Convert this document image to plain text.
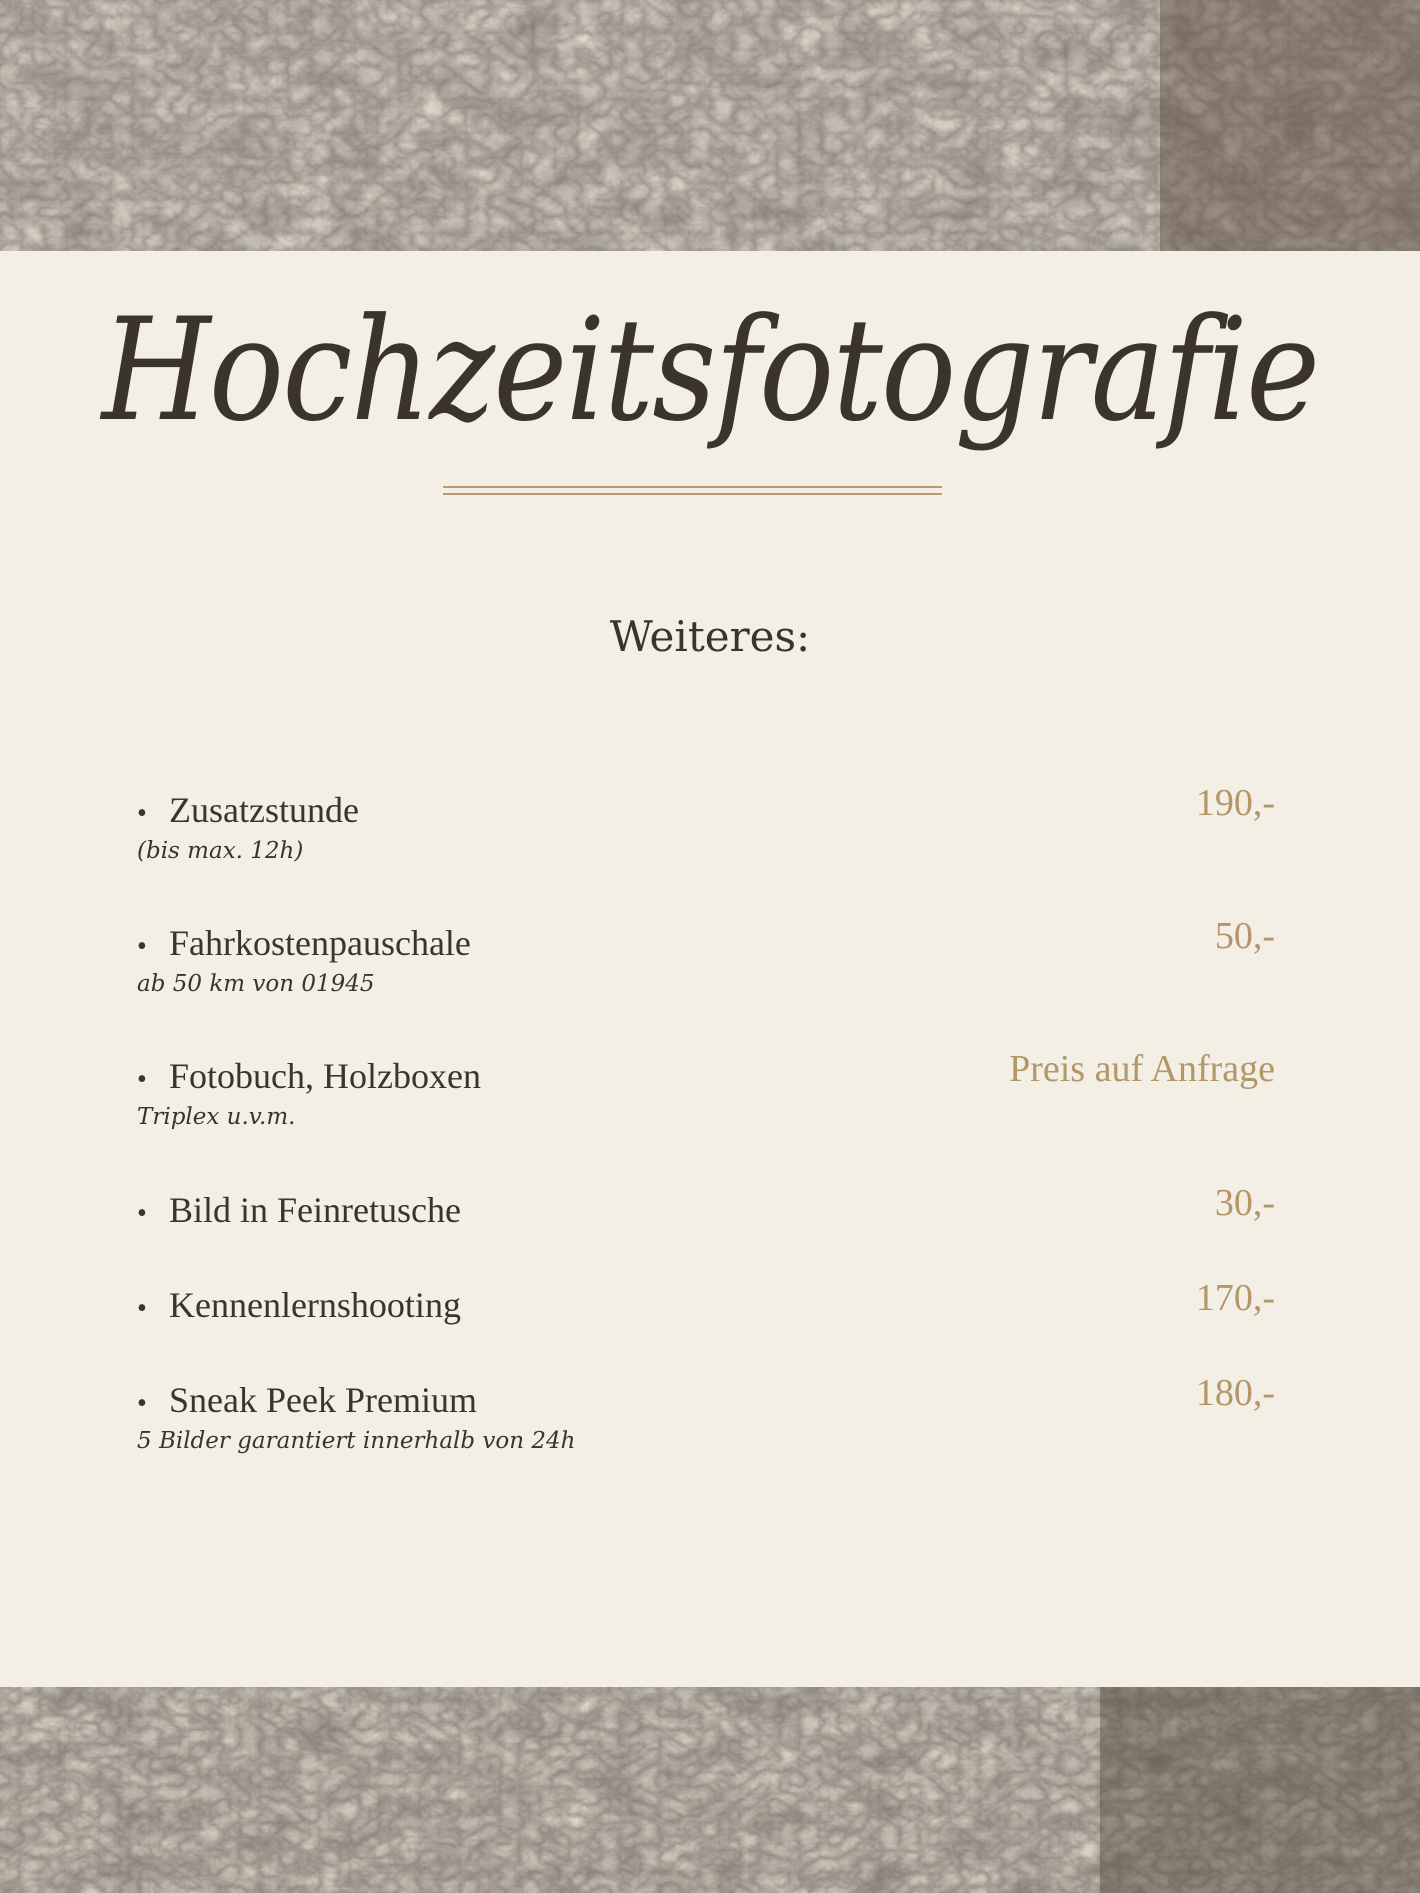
Hochzeitsfotografie
Weiteres:
• Zusatzstunde
(bis max. 12h)
190,-
• Fahrkostenpauschale
ab 50 km von 01945
50,-
• Fotobuch, Holzboxen
Triplex u.v.m.
Preis auf Anfrage
• Bild in Feinretusche	30,-
• Kennenlernshooting	170,-
• Sneak Peek Premium
5 Bilder garantiert innerhalb von 24h
180,-
